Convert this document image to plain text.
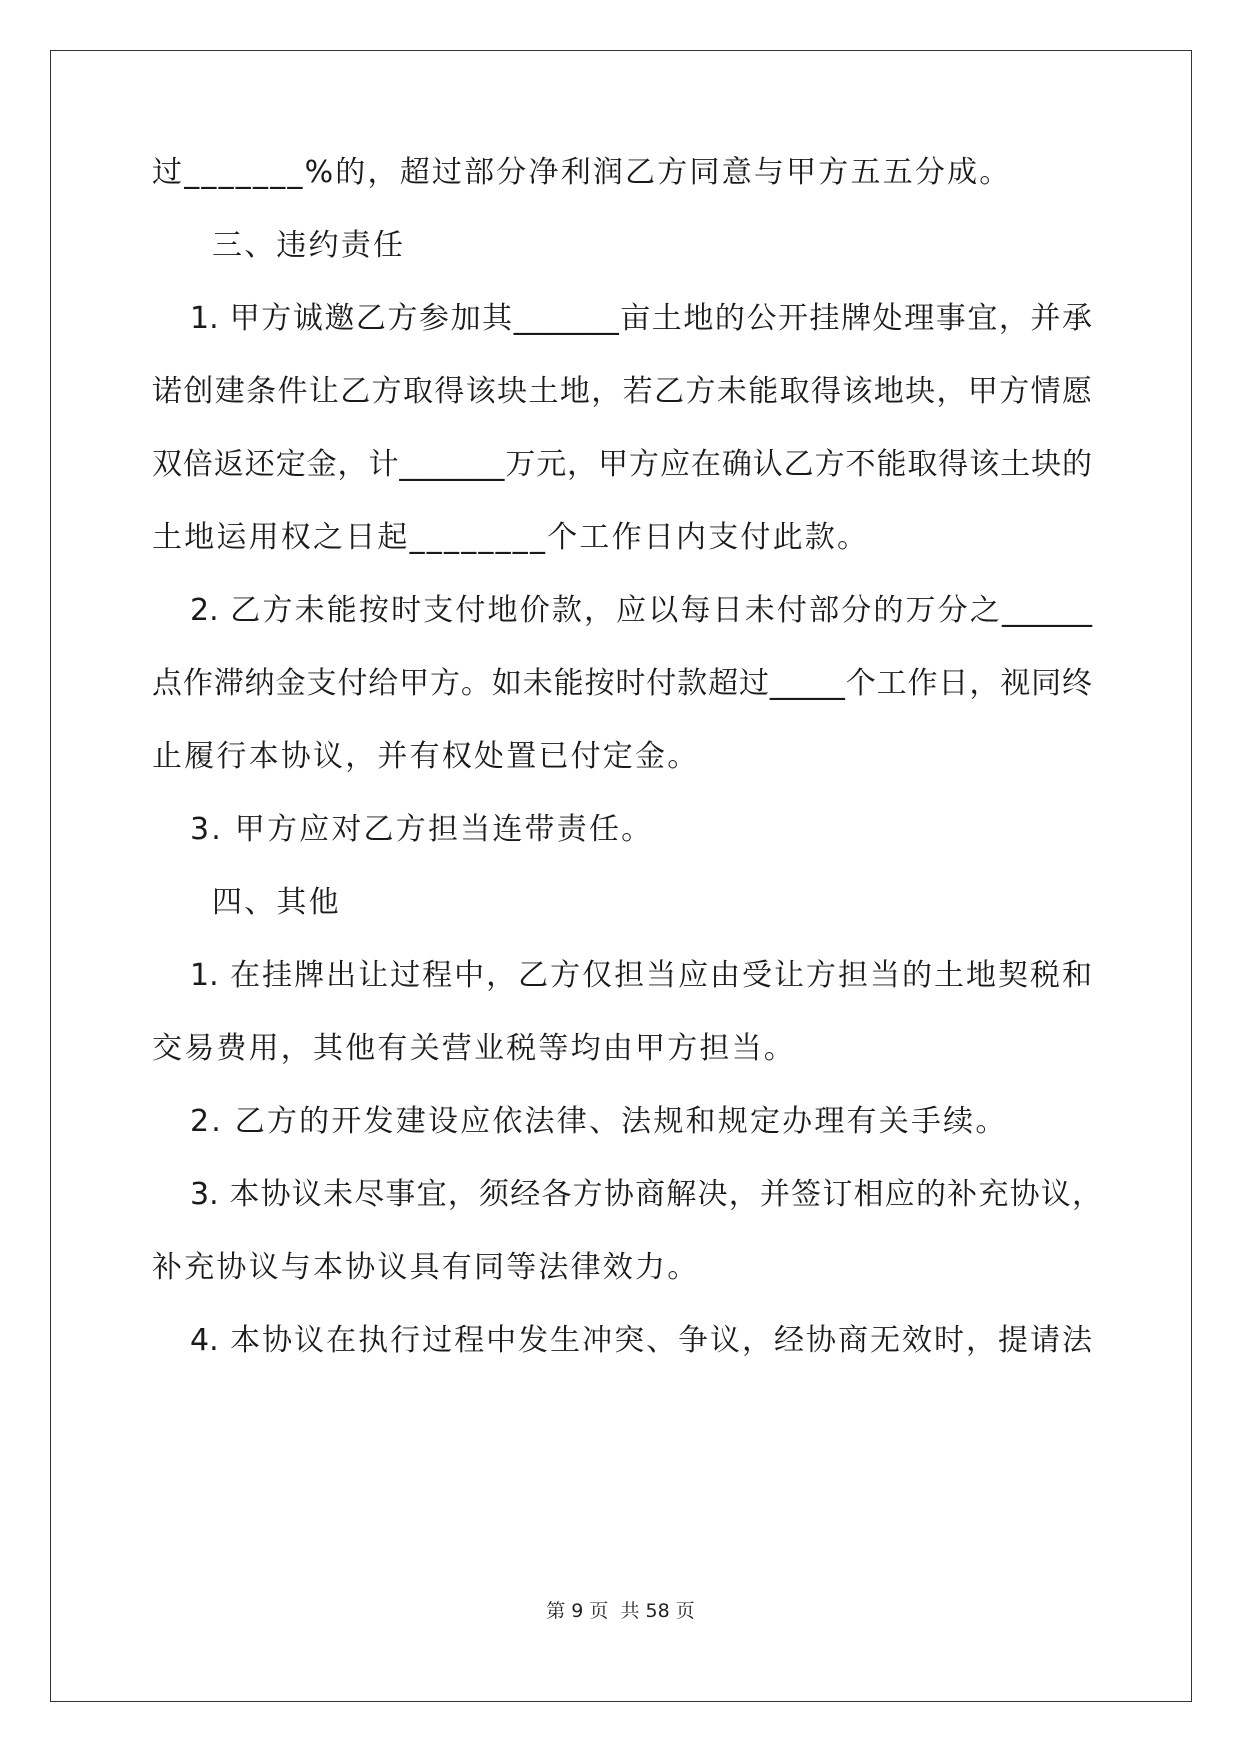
过_______%的，超过部分净利润乙方同意与甲方五五分成。
三、违约责任
1. 甲方诚邀乙方参加其_______亩土地的公开挂牌处理事宜，并承
诺创建条件让乙方取得该块土地，若乙方未能取得该地块，甲方情愿
双倍返还定金，计_______万元，甲方应在确认乙方不能取得该土块的
土地运用权之日起________个工作日内支付此款。
2. 乙方未能按时支付地价款，应以每日未付部分的万分之______
点作滞纳金支付给甲方。如未能按时付款超过_____个工作日，视同终
止履行本协议，并有权处置已付定金。
3. 甲方应对乙方担当连带责任。
四、其他
1. 在挂牌出让过程中，乙方仅担当应由受让方担当的土地契税和
交易费用，其他有关营业税等均由甲方担当。
2. 乙方的开发建设应依法律、法规和规定办理有关手续。
3. 本协议未尽事宜，须经各方协商解决，并签订相应的补充协议，
补充协议与本协议具有同等法律效力。
4. 本协议在执行过程中发生冲突、争议，经协商无效时，提请法
第 9 页 共 58 页
